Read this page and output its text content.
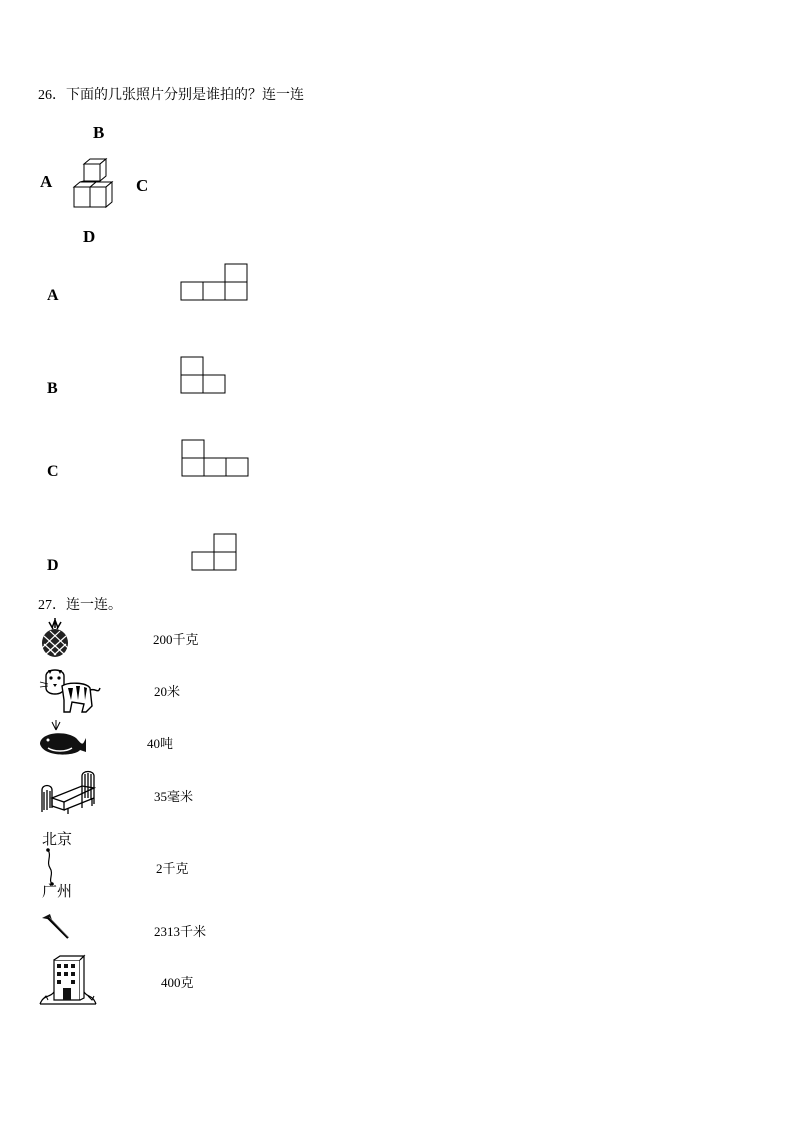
26．下面的几张照片分别是谁拍的？连一连
B
A	C
D
A
B
C
D
27．连一连。
200千克
20米
40吨
35毫米
北京
广州
2千克
2313千米
400克
